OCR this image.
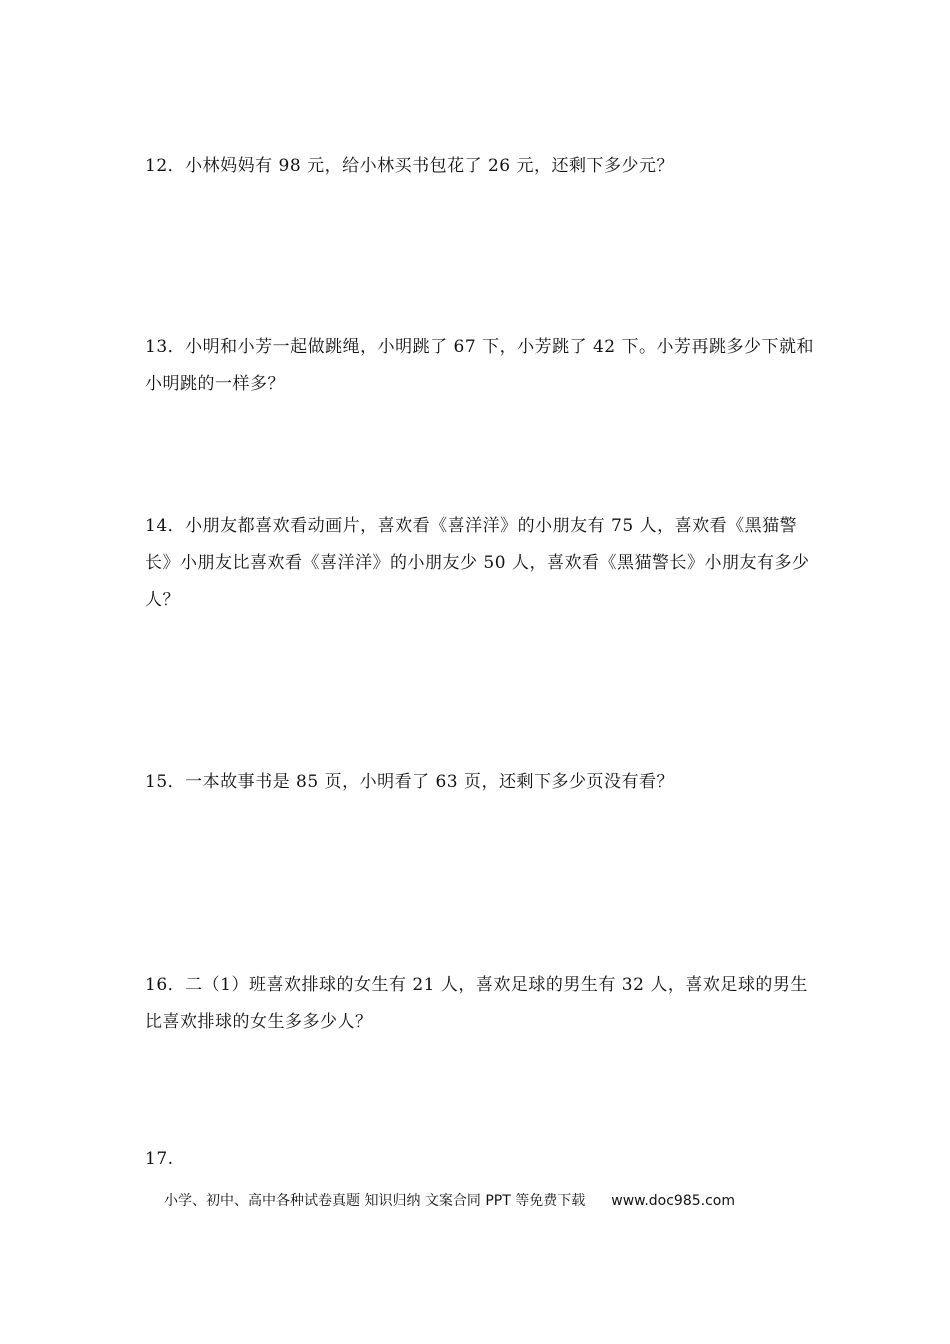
12．小林妈妈有 98 元，给小林买书包花了 26 元，还剩下多少元？

13．小明和小芳一起做跳绳，小明跳了 67 下，小芳跳了 42 下。小芳再跳多少下就和小明跳的一样多？

14．小朋友都喜欢看动画片，喜欢看《喜洋洋》的小朋友有 75 人，喜欢看《黑猫警长》小朋友比喜欢看《喜洋洋》的小朋友少 50 人，喜欢看《黑猫警长》小朋友有多少人？

15．一本故事书是 85 页，小明看了 63 页，还剩下多少页没有看？

16．二（1）班喜欢排球的女生有 21 人，喜欢足球的男生有 32 人，喜欢足球的男生比喜欢排球的女生多多少人？

17.

小学、初中、高中各种试卷真题 知识归纳 文案合同 PPT 等免费下载 www.doc985.com
